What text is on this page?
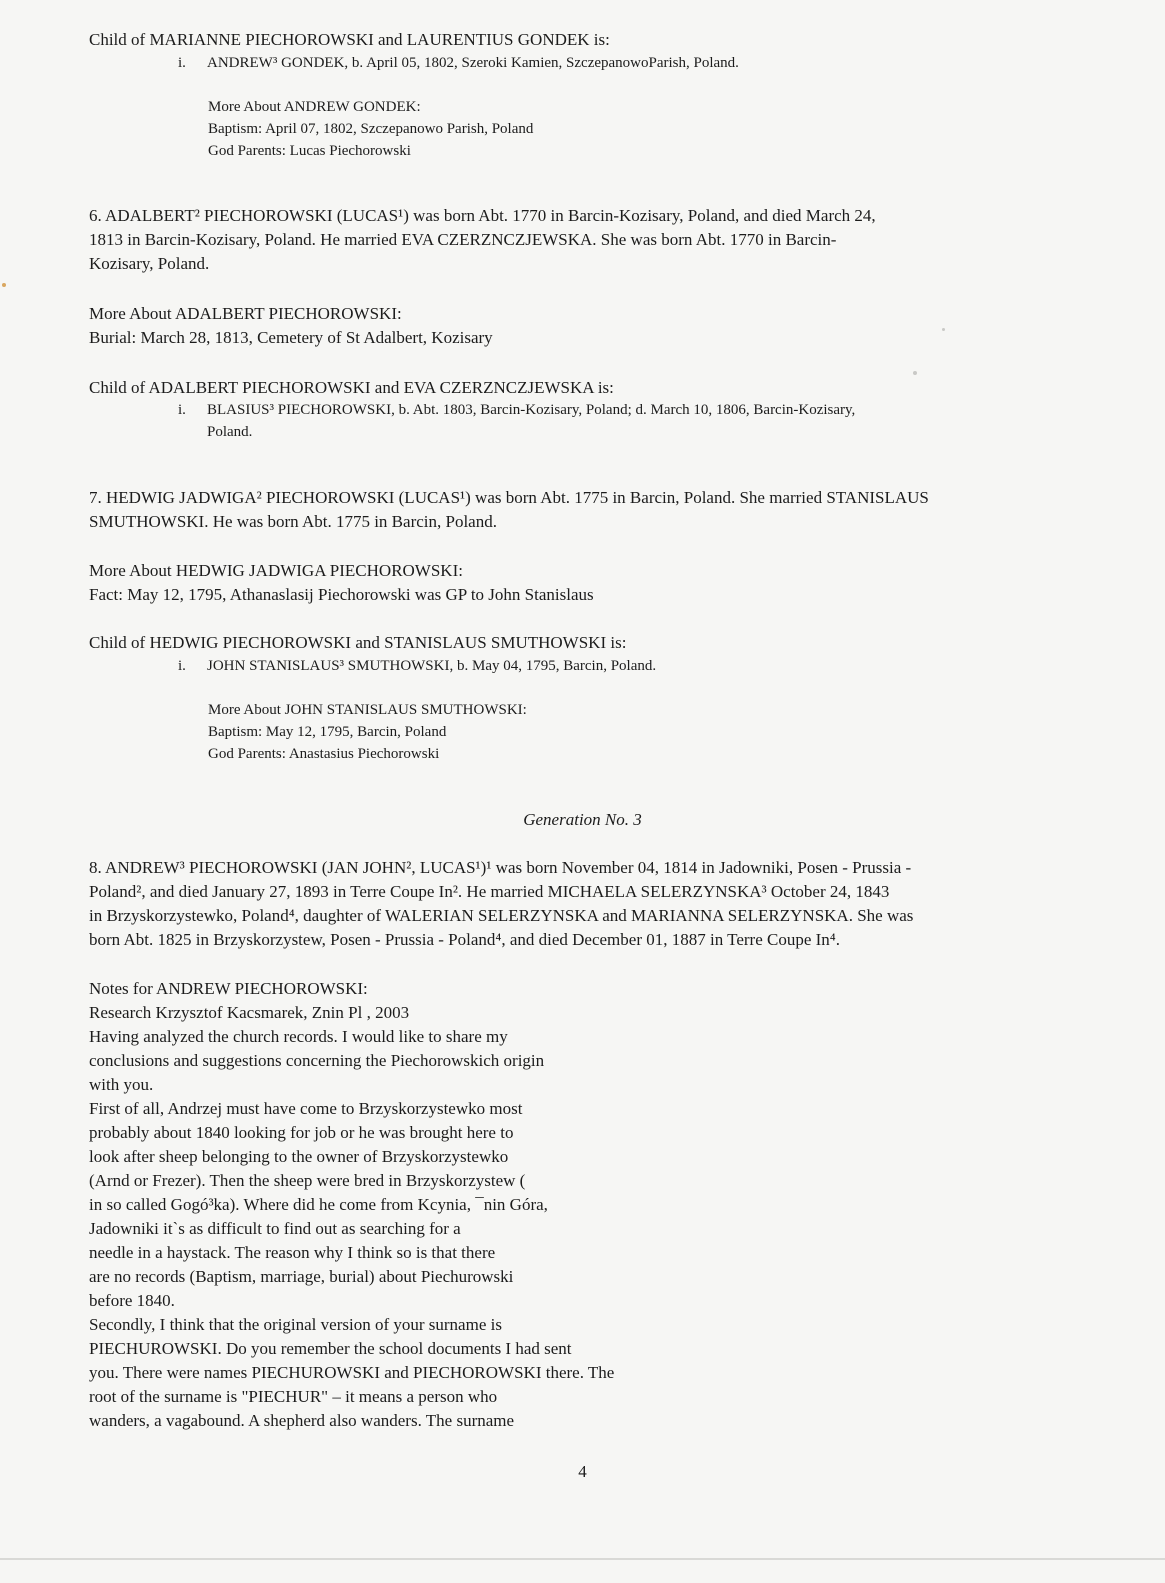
Child of MARIANNE PIECHOROWSKI and LAURENTIUS GONDEK is:

i. ANDREW³ GONDEK, b. April 05, 1802, Szeroki Kamien, SzczepanowoParish, Poland.

More About ANDREW GONDEK:

Baptism: April 07, 1802, Szczepanowo Parish, Poland

God Parents: Lucas Piechorowski

6. ADALBERT² PIECHOROWSKI (LUCAS¹) was born Abt. 1770 in Barcin-Kozisary, Poland, and died March 24,

1813 in Barcin-Kozisary, Poland. He married EVA CZERZNCZJEWSKA. She was born Abt. 1770 in Barcin-

Kozisary, Poland.

More About ADALBERT PIECHOROWSKI:

Burial: March 28, 1813, Cemetery of St Adalbert, Kozisary

Child of ADALBERT PIECHOROWSKI and EVA CZERZNCZJEWSKA is:

i. BLASIUS³ PIECHOROWSKI, b. Abt. 1803, Barcin-Kozisary, Poland; d. March 10, 1806, Barcin-Kozisary,

Poland.

7. HEDWIG JADWIGA² PIECHOROWSKI (LUCAS¹) was born Abt. 1775 in Barcin, Poland. She married STANISLAUS

SMUTHOWSKI. He was born Abt. 1775 in Barcin, Poland.

More About HEDWIG JADWIGA PIECHOROWSKI:

Fact: May 12, 1795, Athanaslasij Piechorowski was GP to John Stanislaus

Child of HEDWIG PIECHOROWSKI and STANISLAUS SMUTHOWSKI is:

i. JOHN STANISLAUS³ SMUTHOWSKI, b. May 04, 1795, Barcin, Poland.

More About JOHN STANISLAUS SMUTHOWSKI:

Baptism: May 12, 1795, Barcin, Poland

God Parents: Anastasius Piechorowski

Generation No. 3

8. ANDREW³ PIECHOROWSKI (JAN JOHN², LUCAS¹)¹ was born November 04, 1814 in Jadowniki, Posen - Prussia -

Poland², and died January 27, 1893 in Terre Coupe In². He married MICHAELA SELERZYNSKA³ October 24, 1843

in Brzyskorzystewko, Poland⁴, daughter of WALERIAN SELERZYNSKA and MARIANNA SELERZYNSKA. She was

born Abt. 1825 in Brzyskorzystew, Posen - Prussia - Poland⁴, and died December 01, 1887 in Terre Coupe In⁴.

Notes for ANDREW PIECHOROWSKI:

Research Krzysztof Kacsmarek, Znin Pl , 2003

Having analyzed the church records. I would like to share my

conclusions and suggestions concerning the Piechorowskich origin

with you.

First of all, Andrzej must have come to Brzyskorzystewko most

probably about 1840 looking for job or he was brought here to

look after sheep belonging to the owner of Brzyskorzystewko

(Arnd or Frezer). Then the sheep were bred in Brzyskorzystew (

in so called Gogó³ka). Where did he come from Kcynia, ¯nin Góra,

Jadowniki it`s as difficult to find out as searching for a

needle in a haystack. The reason why I think so is that there

are no records (Baptism, marriage, burial) about Piechurowski

before 1840.

Secondly, I think that the original version of your surname is

PIECHUROWSKI. Do you remember the school documents I had sent

you. There were names PIECHUROWSKI and PIECHOROWSKI there. The

root of the surname is "PIECHUR" – it means a person who

wanders, a vagabound. A shepherd also wanders. The surname

4
